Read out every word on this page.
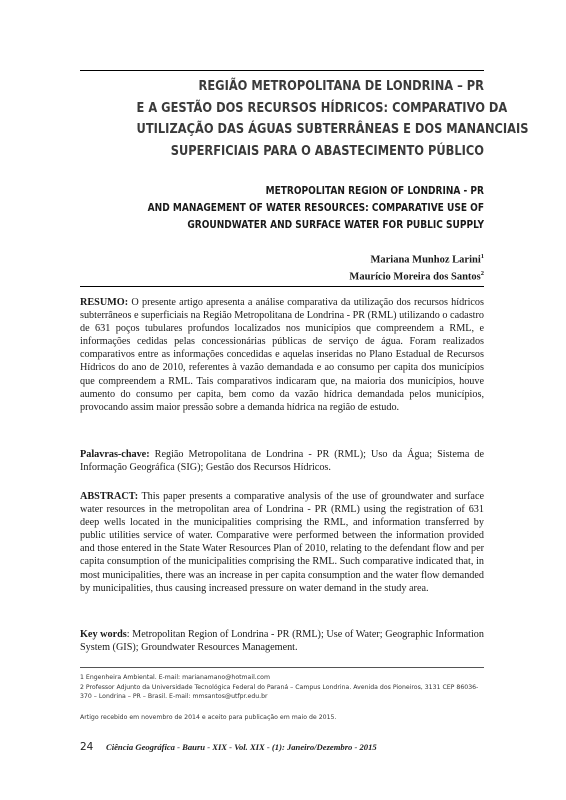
REGIÃO METROPOLITANA DE LONDRINA – PR
E A GESTÃO DOS RECURSOS HÍDRICOS: COMPARATIVO DA
UTILIZAÇÃO DAS ÁGUAS SUBTERRÂNEAS E DOS MANANCIAIS
SUPERFICIAIS PARA O ABASTECIMENTO PÚBLICO
METROPOLITAN REGION OF LONDRINA - PR
AND MANAGEMENT OF WATER RESOURCES: COMPARATIVE USE OF
GROUNDWATER AND SURFACE WATER FOR PUBLIC SUPPLY
Mariana Munhoz Larini$^1$
Maurício Moreira dos Santos$^2$
RESUMO: O presente artigo apresenta a análise comparativa da utilização dos recursos hídricos subterrâneos e superficiais na Região Metropolitana de Londrina - PR (RML) utilizando o cadastro de 631 poços tubulares profundos localizados nos municípios que compreendem a RML, e informações cedidas pelas concessionárias públicas de serviço de água. Foram realizados comparativos entre as informações concedidas e aquelas inseridas no Plano Estadual de Recursos Hídricos do ano de 2010, referentes à vazão demandada e ao consumo per capita dos municípios que compreendem a RML. Tais comparativos indicaram que, na maioria dos municípios, houve aumento do consumo per capita, bem como da vazão hídrica demandada pelos municípios, provocando assim maior pressão sobre a demanda hídrica na região de estudo.
Palavras-chave: Região Metropolitana de Londrina - PR (RML); Uso da Água; Sistema de Informação Geográfica (SIG); Gestão dos Recursos Hídricos.
ABSTRACT: This paper presents a comparative analysis of the use of groundwater and surface water resources in the metropolitan area of Londrina - PR (RML) using the registration of 631 deep wells located in the municipalities comprising the RML, and information transferred by public utilities service of water. Comparative were performed between the information provided and those entered in the State Water Resources Plan of 2010, relating to the defendant flow and per capita consumption of the municipalities comprising the RML. Such comparative indicated that, in most municipalities, there was an increase in per capita consumption and the water flow demanded by municipalities, thus causing increased pressure on water demand in the study area.
Key words: Metropolitan Region of Londrina - PR (RML); Use of Water; Geographic Information System (GIS); Groundwater Resources Management.

1 Engenheira Ambiental. E-mail: marianamano@hotmail.com

2 Professor Adjunto da Universidade Tecnológica Federal do Paraná – Campus Londrina. Avenida dos Pioneiros, 3131 CEP 86036-370 – Londrina – PR – Brasil. E-mail: mmsantos@utfpr.edu.br

Artigo recebido em novembro de 2014 e aceito para publicação em maio de 2015.
24 Ciência Geográfica - Bauru - XIX - Vol. XIX - (1): Janeiro/Dezembro - 2015
